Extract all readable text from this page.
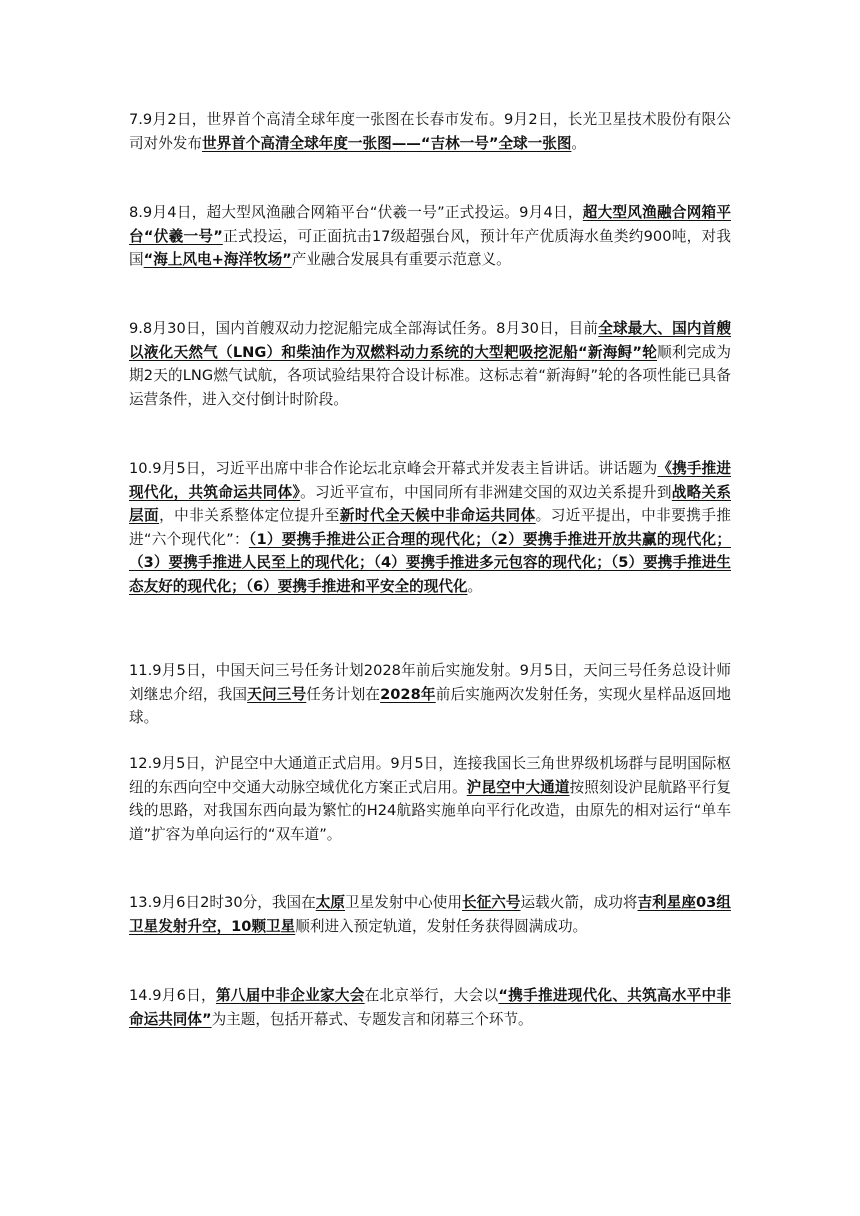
7.9月2日，世界首个高清全球年度一张图在长春市发布。9月2日，长光卫星技术股份有限公司对外发布世界首个高清全球年度一张图——“吉林一号”全球一张图。

8.9月4日，超大型风渔融合网箱平台“伏羲一号”正式投运。9月4日，超大型风渔融合网箱平台“伏羲一号”正式投运，可正面抗击17级超强台风，预计年产优质海水鱼类约900吨，对我国“海上风电+海洋牧场”产业融合发展具有重要示范意义。

9.8月30日，国内首艘双动力挖泥船完成全部海试任务。8月30日，目前全球最大、国内首艘以液化天然气（LNG）和柴油作为双燃料动力系统的大型耙吸挖泥船“新海鲟”轮顺利完成为期2天的LNG燃气试航，各项试验结果符合设计标准。这标志着“新海鲟”轮的各项性能已具备运营条件，进入交付倒计时阶段。

10.9月5日，习近平出席中非合作论坛北京峰会开幕式并发表主旨讲话。讲话题为《携手推进现代化，共筑命运共同体》。习近平宣布，中国同所有非洲建交国的双边关系提升到战略关系层面，中非关系整体定位提升至新时代全天候中非命运共同体。习近平提出，中非要携手推进“六个现代化”：（1）要携手推进公正合理的现代化；（2）要携手推进开放共赢的现代化；（3）要携手推进人民至上的现代化；（4）要携手推进多元包容的现代化；（5）要携手推进生态友好的现代化；（6）要携手推进和平安全的现代化。

11.9月5日，中国天问三号任务计划2028年前后实施发射。9月5日，天问三号任务总设计师刘继忠介绍，我国天问三号任务计划在2028年前后实施两次发射任务，实现火星样品返回地球。

12.9月5日，沪昆空中大通道正式启用。9月5日，连接我国长三角世界级机场群与昆明国际枢纽的东西向空中交通大动脉空域优化方案正式启用。沪昆空中大通道按照刻设沪昆航路平行复线的思路，对我国东西向最为繁忙的H24航路实施单向平行化改造，由原先的相对运行“单车道”扩容为单向运行的“双车道”。

13.9月6日2时30分，我国在太原卫星发射中心使用长征六号运载火箭，成功将吉利星座03组卫星发射升空，10颗卫星顺利进入预定轨道，发射任务获得圆满成功。

14.9月6日，第八届中非企业家大会在北京举行，大会以“携手推进现代化、共筑高水平中非命运共同体”为主题，包括开幕式、专题发言和闭幕三个环节。
